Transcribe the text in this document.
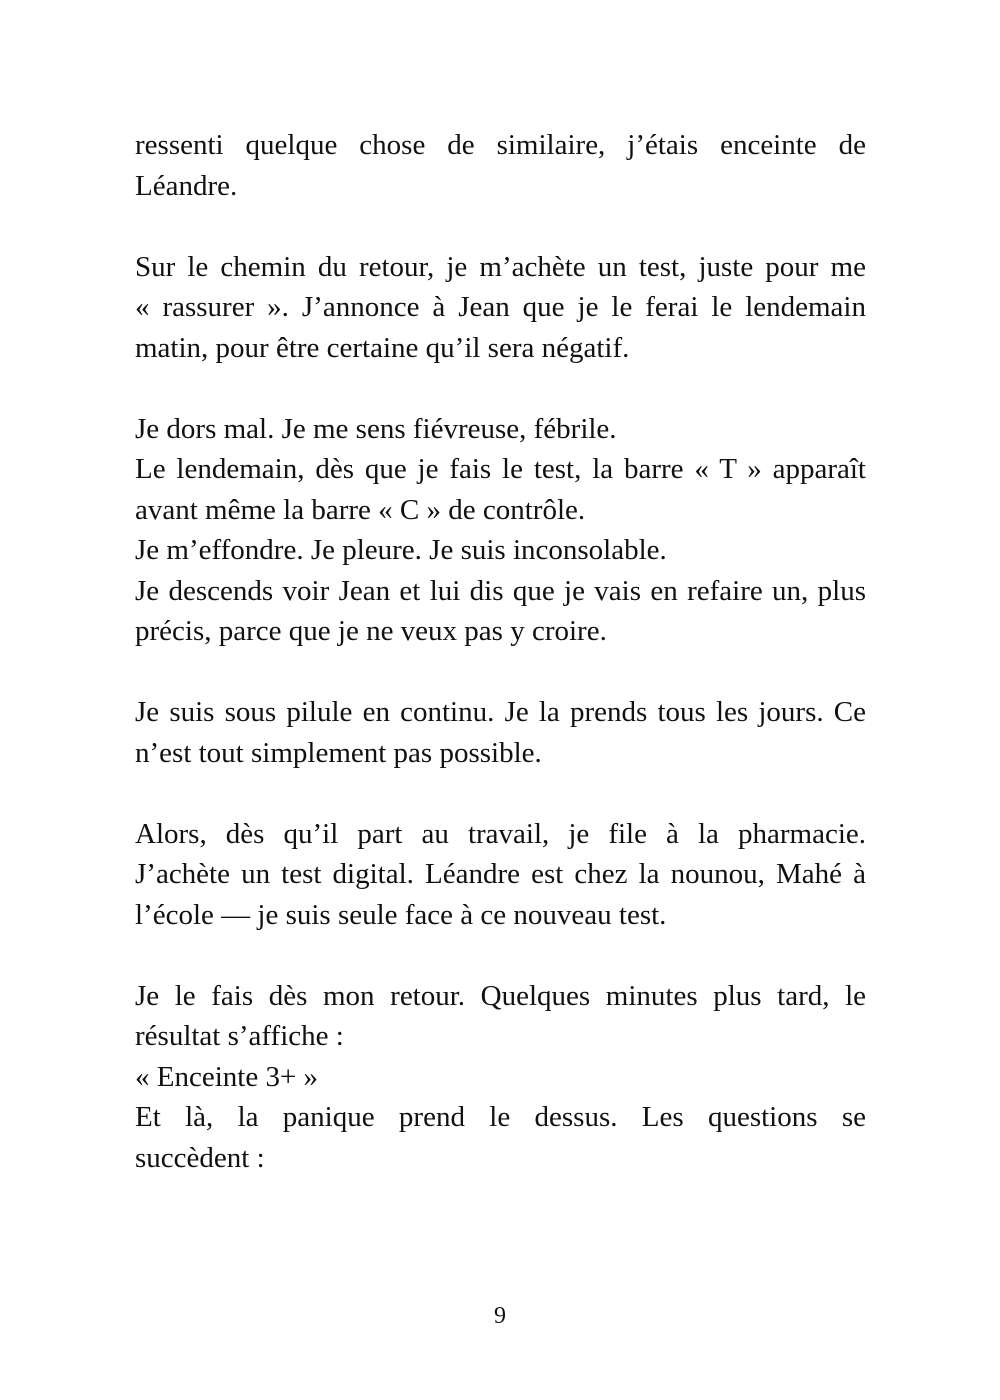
ressenti quelque chose de similaire, j’étais enceinte de
Léandre.

Sur le chemin du retour, je m’achète un test, juste pour me
« rassurer ». J’annonce à Jean que je le ferai le lendemain
matin, pour être certaine qu’il sera négatif.

Je dors mal. Je me sens fiévreuse, fébrile.
Le lendemain, dès que je fais le test, la barre « T » apparaît
avant même la barre « C » de contrôle.
Je m’effondre. Je pleure. Je suis inconsolable.
Je descends voir Jean et lui dis que je vais en refaire un, plus
précis, parce que je ne veux pas y croire.

Je suis sous pilule en continu. Je la prends tous les jours. Ce
n’est tout simplement pas possible.

Alors, dès qu’il part au travail, je file à la pharmacie.
J’achète un test digital. Léandre est chez la nounou, Mahé à
l’école — je suis seule face à ce nouveau test.

Je le fais dès mon retour. Quelques minutes plus tard, le
résultat s’affiche :
« Enceinte 3+ »
Et là, la panique prend le dessus. Les questions se
succèdent :

9
